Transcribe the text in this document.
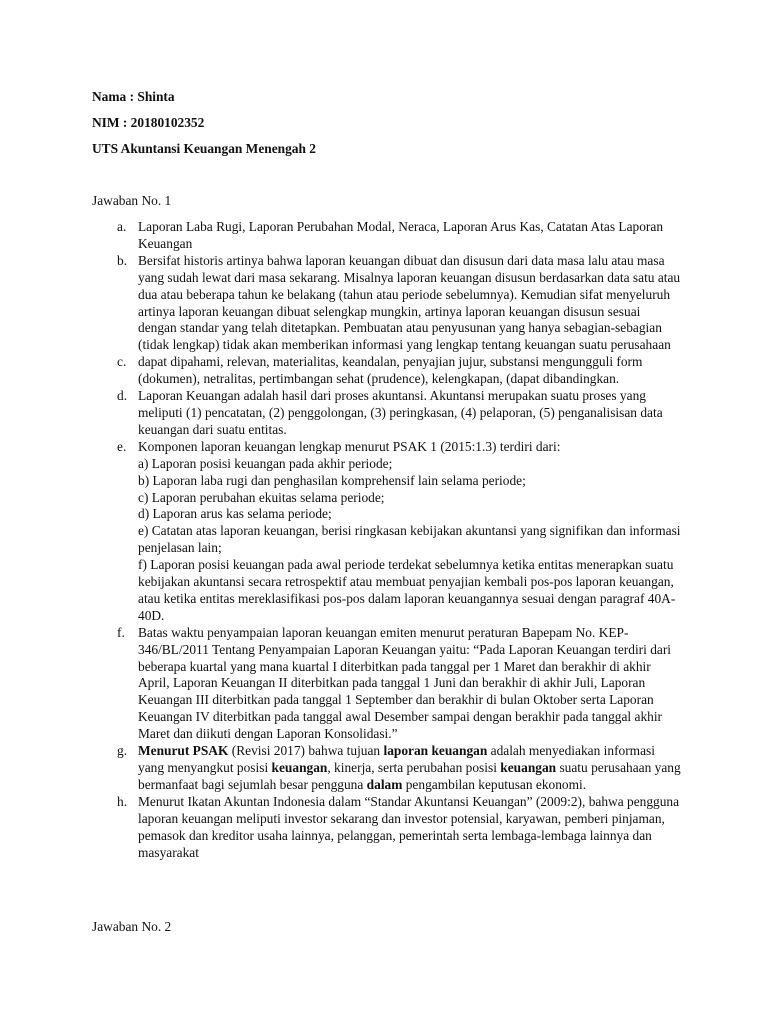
Nama : Shinta
NIM : 20180102352
UTS Akuntansi Keuangan Menengah 2
Jawaban No. 1
a. Laporan Laba Rugi, Laporan Perubahan Modal, Neraca, Laporan Arus Kas, Catatan Atas Laporan Keuangan
b. Bersifat historis artinya bahwa laporan keuangan dibuat dan disusun dari data masa lalu atau masa yang sudah lewat dari masa sekarang. Misalnya laporan keuangan disusun berdasarkan data satu atau dua atau beberapa tahun ke belakang (tahun atau periode sebelumnya). Kemudian sifat menyeluruh artinya laporan keuangan dibuat selengkap mungkin, artinya laporan keuangan disusun sesuai dengan standar yang telah ditetapkan. Pembuatan atau penyusunan yang hanya sebagian-sebagian (tidak lengkap) tidak akan memberikan informasi yang lengkap tentang keuangan suatu perusahaan
c. dapat dipahami, relevan, materialitas, keandalan, penyajian jujur, substansi mengungguli form (dokumen), netralitas, pertimbangan sehat (prudence), kelengkapan, (dapat dibandingkan.
d. Laporan Keuangan adalah hasil dari proses akuntansi. Akuntansi merupakan suatu proses yang meliputi (1) pencatatan, (2) penggolongan, (3) peringkasan, (4) pelaporan, (5) penganalisisan data keuangan dari suatu entitas.
e. Komponen laporan keuangan lengkap menurut PSAK 1 (2015:1.3) terdiri dari:
a) Laporan posisi keuangan pada akhir periode;
b) Laporan laba rugi dan penghasilan komprehensif lain selama periode;
c) Laporan perubahan ekuitas selama periode;
d) Laporan arus kas selama periode;
e) Catatan atas laporan keuangan, berisi ringkasan kebijakan akuntansi yang signifikan dan informasi penjelasan lain;
f) Laporan posisi keuangan pada awal periode terdekat sebelumnya ketika entitas menerapkan suatu kebijakan akuntansi secara retrospektif atau membuat penyajian kembali pos-pos laporan keuangan, atau ketika entitas mereklasifikasi pos-pos dalam laporan keuangannya sesuai dengan paragraf 40A-40D.
f. Batas waktu penyampaian laporan keuangan emiten menurut peraturan Bapepam No. KEP-346/BL/2011 Tentang Penyampaian Laporan Keuangan yaitu: “Pada Laporan Keuangan terdiri dari beberapa kuartal yang mana kuartal I diterbitkan pada tanggal per 1 Maret dan berakhir di akhir April, Laporan Keuangan II diterbitkan pada tanggal 1 Juni dan berakhir di akhir Juli, Laporan Keuangan III diterbitkan pada tanggal 1 September dan berakhir di bulan Oktober serta Laporan Keuangan IV diterbitkan pada tanggal awal Desember sampai dengan berakhir pada tanggal akhir Maret dan diikuti dengan Laporan Konsolidasi.”
g. Menurut PSAK (Revisi 2017) bahwa tujuan laporan keuangan adalah menyediakan informasi yang menyangkut posisi keuangan, kinerja, serta perubahan posisi keuangan suatu perusahaan yang bermanfaat bagi sejumlah besar pengguna dalam pengambilan keputusan ekonomi.
h. Menurut Ikatan Akuntan Indonesia dalam “Standar Akuntansi Keuangan” (2009:2), bahwa pengguna laporan keuangan meliputi investor sekarang dan investor potensial, karyawan, pemberi pinjaman, pemasok dan kreditor usaha lainnya, pelanggan, pemerintah serta lembaga-lembaga lainnya dan masyarakat
Jawaban No. 2
